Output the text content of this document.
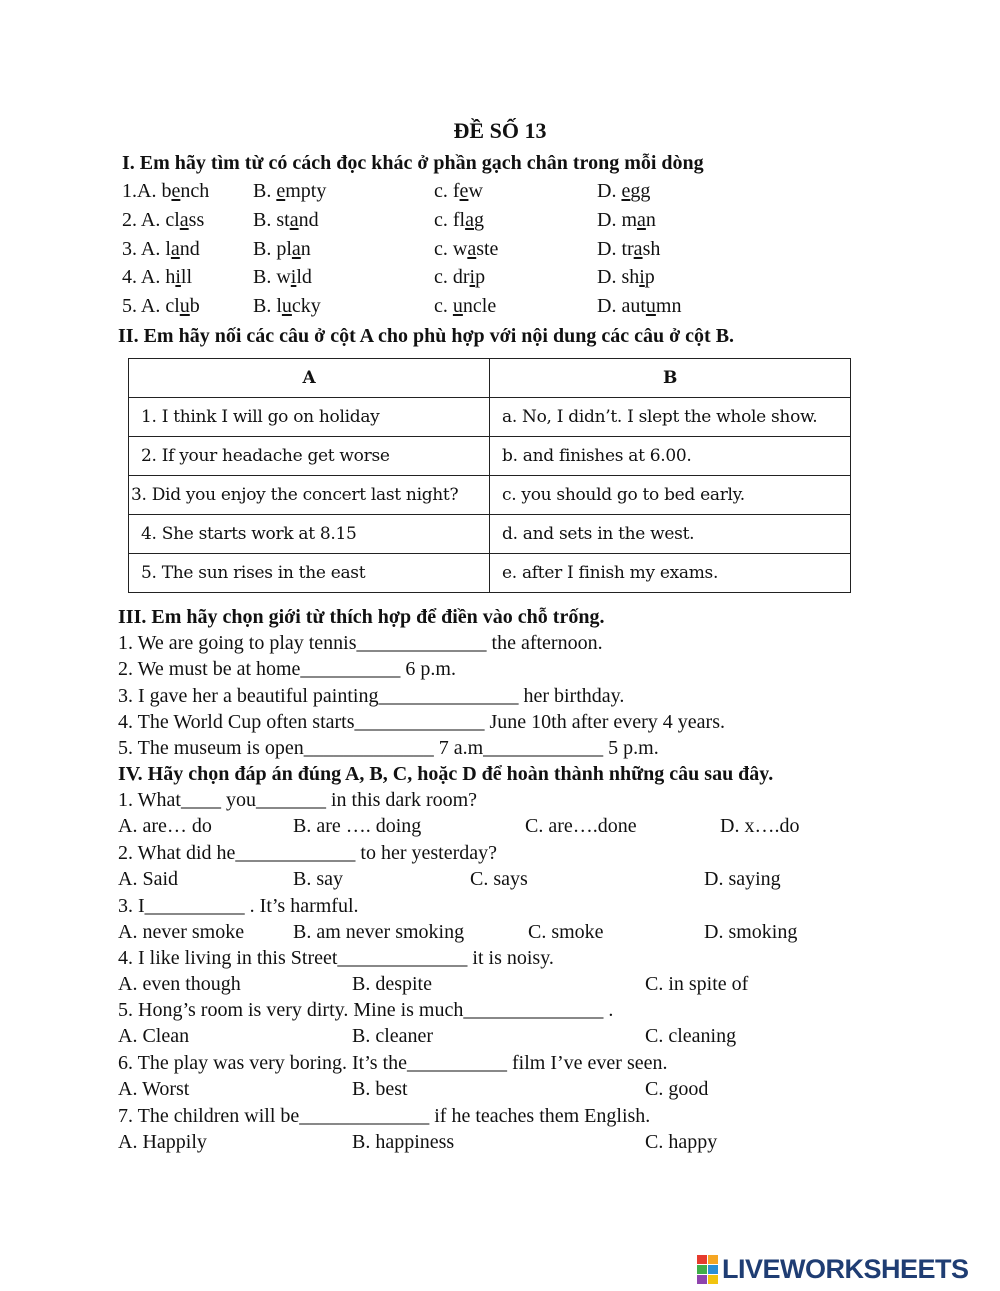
ĐỀ SỐ 13
I. Em hãy tìm từ có cách đọc khác ở phần gạch chân trong mỗi dòng
1.A. bench B. empty	c. few	D. egg
2. A. class B. stand	c. flag	D. man
3. A. land	B. plan	c. waste	D. trash
4. A. hill	B. wild	c. drip	D. ship
5. A. club	B. lucky	c. uncle	D. autumn
II. Em hãy nối các câu ở cột A cho phù hợp với nội dung các câu ở cột B.
A	B
1. I think I will go on holiday	a. No, I didn’t. I slept the whole show.
2. If your headache get worse	b. and finishes at 6.00.
3. Did you enjoy the concert last night?	c. you should go to bed early.
4. She starts work at 8.15	d. and sets in the west.
5. The sun rises in the east	e. after I finish my exams.
III. Em hãy chọn giới từ thích hợp để điền vào chỗ trống.
1. We are going to play tennis_____________ the afternoon.
2. We must be at home__________ 6 p.m.
3. I gave her a beautiful painting______________ her birthday.
4. The World Cup often starts_____________ June 10th after every 4 years.
5. The museum is open_____________ 7 a.m____________ 5 p.m.
IV. Hãy chọn đáp án đúng A, B, C, hoặc D để hoàn thành những câu sau đây.
1. What____ you_______ in this dark room?
A. are… do	B. are …. doing	C. are….done	D. x….do
2. What did he____________ to her yesterday?
A. Said	B. say	C. says	D. saying
3. I__________ . It’s harmful.
A. never smoke B. am never smoking	C. smoke	D. smoking
4. I like living in this Street_____________ it is noisy.
A. even though	B. despite	C. in spite of
5. Hong’s room is very dirty. Mine is much______________ .
A. Clean	B. cleaner	C. cleaning
6. The play was very boring. It’s the__________ film I’ve ever seen.
A. Worst	B. best	C. good
7. The children will be_____________ if he teaches them English.
A. Happily	B. happiness	C. happy
LIVEWORKSHEETS
